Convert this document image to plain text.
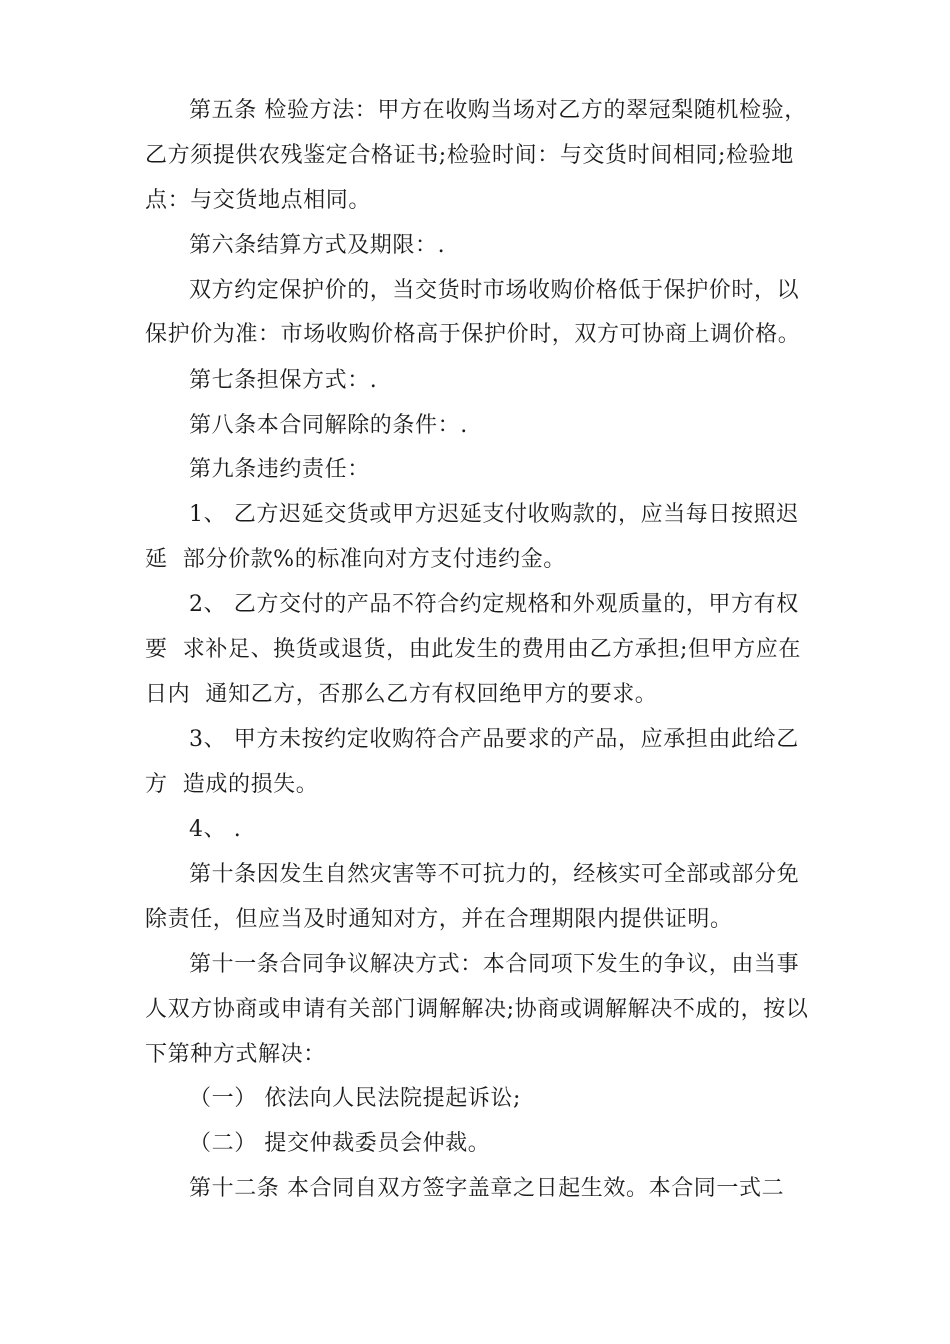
第五条 检验方法：甲方在收购当场对乙方的翠冠梨随机检验，
乙方须提供农残鉴定合格证书;检验时间：与交货时间相同;检验地
点：与交货地点相同。
第六条结算方式及期限：.
双方约定保护价的，当交货时市场收购价格低于保护价时，以
保护价为准：市场收购价格高于保护价时，双方可协商上调价格。
第七条担保方式：.
第八条本合同解除的条件：.
第九条违约责任：
1、 乙方迟延交货或甲方迟延支付收购款的，应当每日按照迟
延  部分价款%的标准向对方支付违约金。
2、 乙方交付的产品不符合约定规格和外观质量的，甲方有权
要  求补足、换货或退货，由此发生的费用由乙方承担;但甲方应在
日内  通知乙方，否那么乙方有权回绝甲方的要求。
3、 甲方未按约定收购符合产品要求的产品，应承担由此给乙
方  造成的损失。
4、 .
第十条因发生自然灾害等不可抗力的，经核实可全部或部分免
除责任，但应当及时通知对方，并在合理期限内提供证明。
第十一条合同争议解决方式：本合同项下发生的争议，由当事
人双方协商或申请有关部门调解解决;协商或调解解决不成的，按以
下第种方式解决：
（一） 依法向人民法院提起诉讼;
（二） 提交仲裁委员会仲裁。
第十二条 本合同自双方签字盖章之日起生效。本合同一式二
